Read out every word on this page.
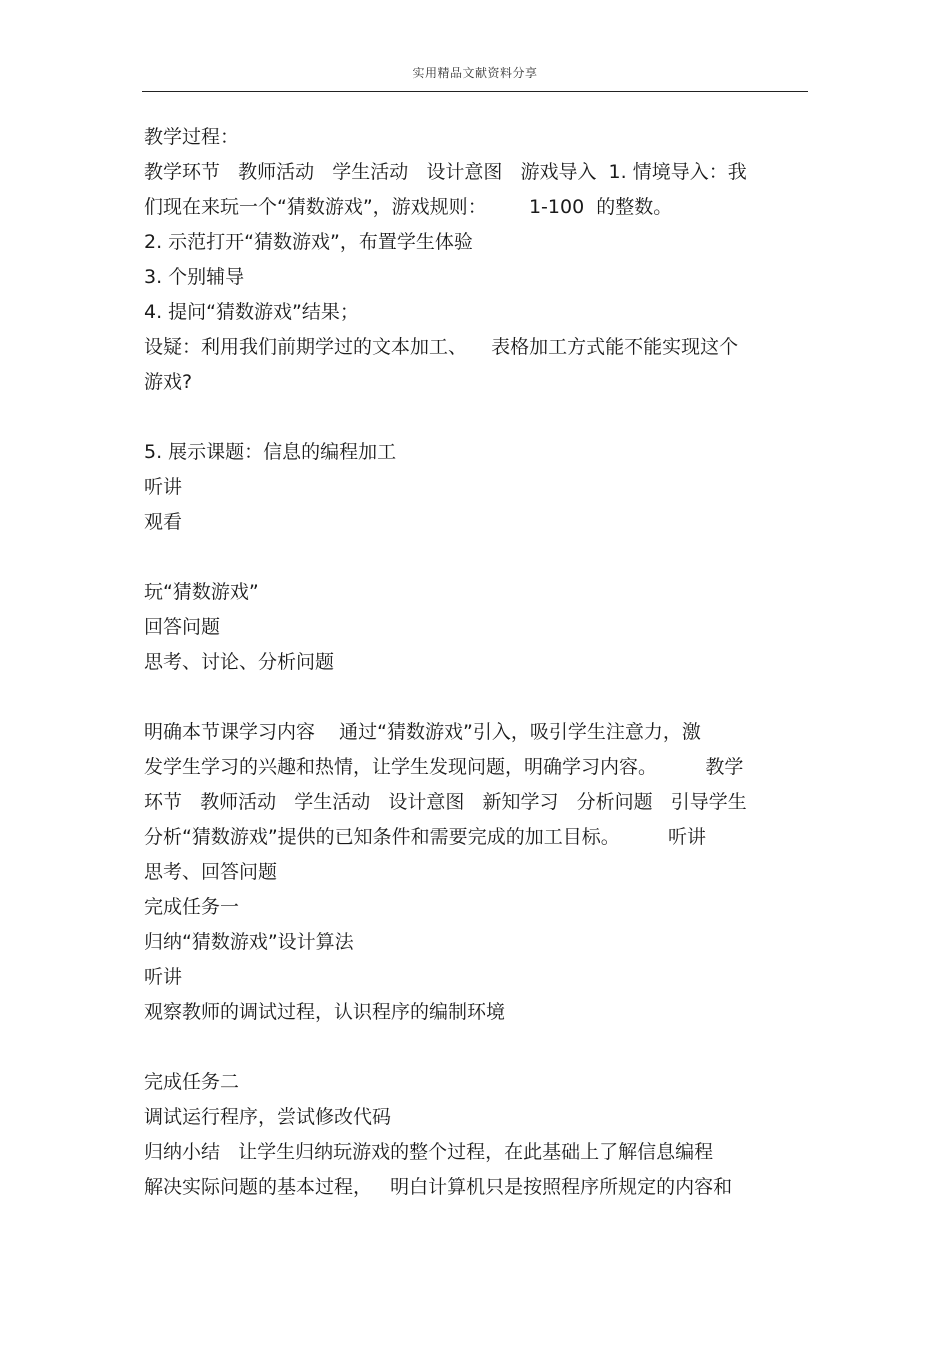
实用精品文献资料分享
教学过程：
教学环节   教师活动   学生活动   设计意图   游戏导入  1. 情境导入：我
们现在来玩一个“猜数游戏”，游戏规则：       1-100  的整数。
2. 示范打开“猜数游戏”，布置学生体验
3. 个别辅导
4. 提问“猜数游戏”结果；
设疑：利用我们前期学过的文本加工、    表格加工方式能不能实现这个
游戏?
5. 展示课题：信息的编程加工
听讲
观看
玩“猜数游戏”
回答问题
思考、讨论、分析问题
明确本节课学习内容    通过“猜数游戏”引入，吸引学生注意力，激
发学生学习的兴趣和热情，让学生发现问题，明确学习内容。        教学
环节   教师活动   学生活动   设计意图   新知学习   分析问题   引导学生
分析“猜数游戏”提供的已知条件和需要完成的加工目标。        听讲
思考、回答问题
完成任务一
归纳“猜数游戏”设计算法
听讲
观察教师的调试过程，认识程序的编制环境
完成任务二
调试运行程序，尝试修改代码
归纳小结   让学生归纳玩游戏的整个过程，在此基础上了解信息编程
解决实际问题的基本过程，   明白计算机只是按照程序所规定的内容和
